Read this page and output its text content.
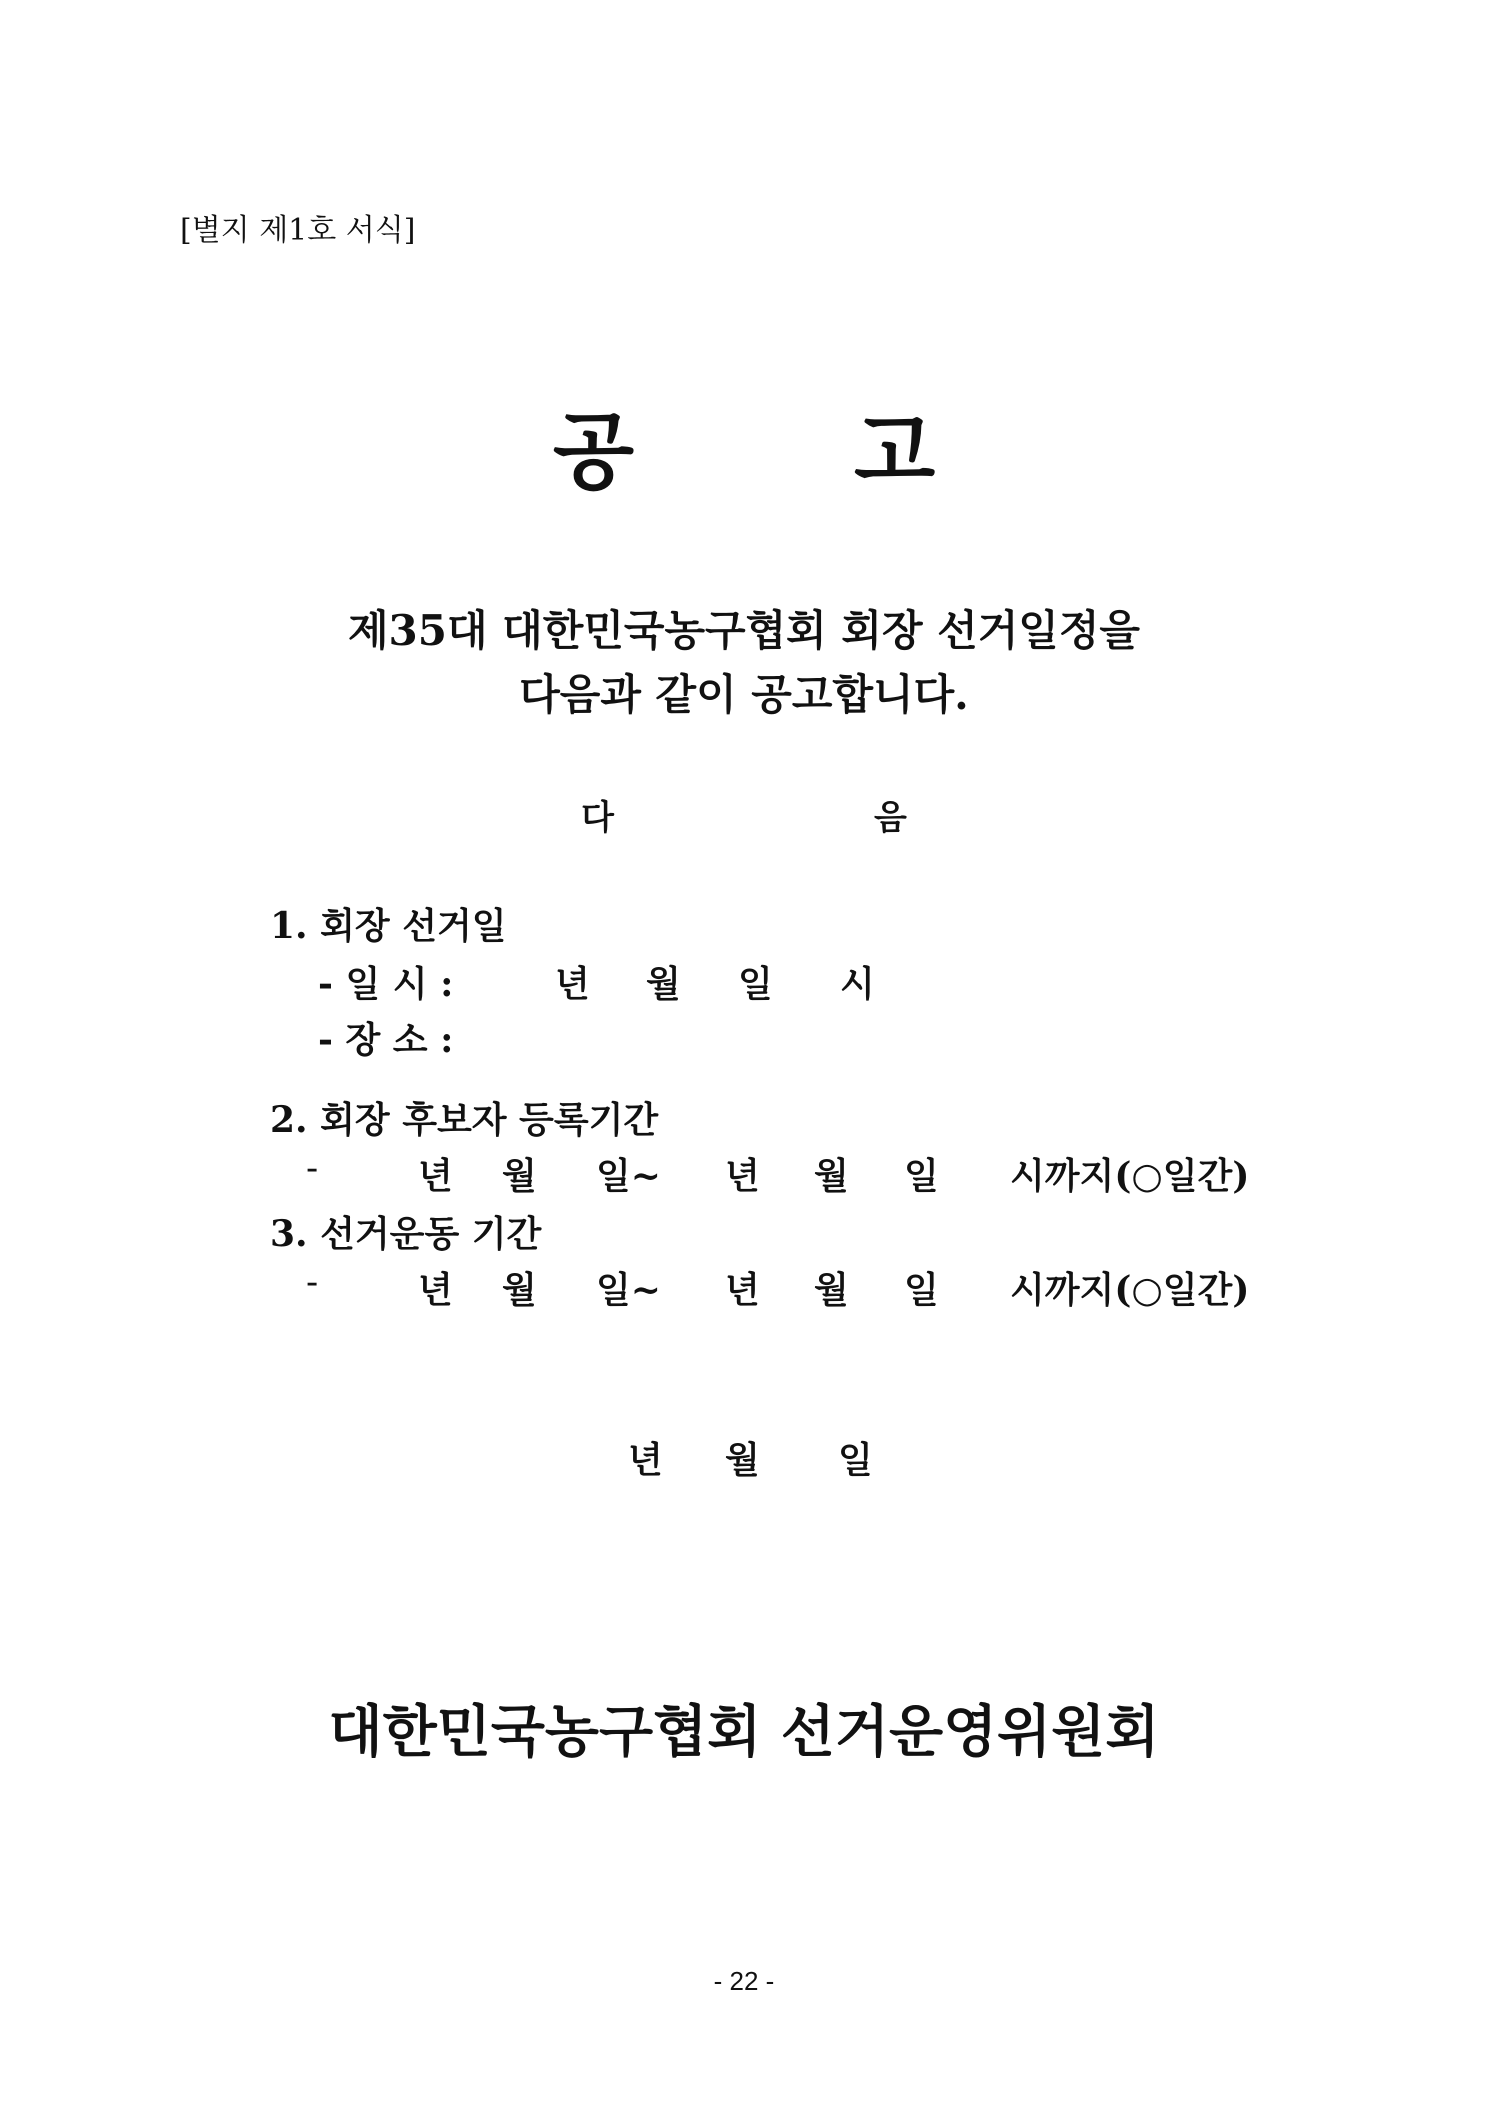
[별지 제1호 서식]
공	고
제35대 대한민국농구협회 회장 선거일정을
다음과 같이 공고합니다.
다	음
1. 회장 선거일
- 일 시 :	년 월 일 시
- 장 소 :
2. 회장 후보자 등록기간
-	년 월 일~ 년 월 일 시까지(○일간)
3. 선거운동 기간
-	년 월 일~ 년 월 일 시까지(○일간)
년 월 일
대한민국농구협회 선거운영위원회
- 22 -
